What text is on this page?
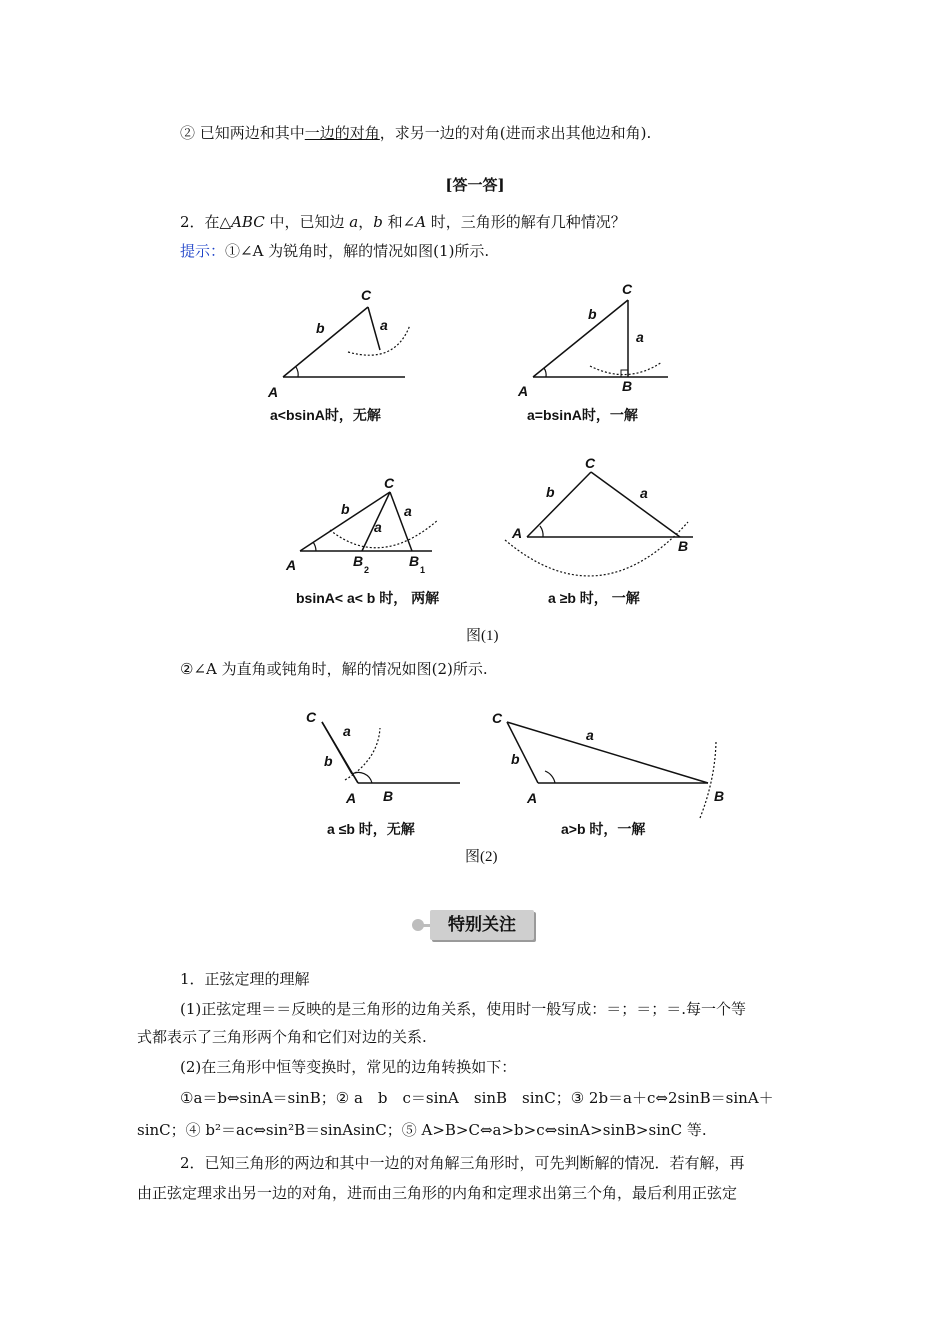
② 已知两边和其中一边的对角，求另一边的对角(进而求出其他边和角).
[答一答]
2．在△ABC 中，已知边 a，b 和∠A 时，三角形的解有几种情况？
提示：①∠A 为锐角时，解的情况如图(1)所示.
A
C
b	a
a<bsinA时，无解
A
C
B
b
a
a=bsinA时，一解
A
C
b
a
a
B
2
B
1
bsinA< a< b 时， 两解
A
C
B
b	a
a ≥b 时， 一解
图(1)
②∠A 为直角或钝角时，解的情况如图(2)所示.
C
a
b
A B
a ≤b 时，无解
C
a
b
A	B
a>b 时，一解
图(2)
特别关注
1．正弦定理的理解
(1)正弦定理＝＝反映的是三角形的边角关系，使用时一般写成：＝；＝；＝.每一个等
式都表示了三角形两个角和它们对边的关系.
(2)在三角形中恒等变换时，常见的边角转换如下：
①a＝b⇔sinA＝sinB；② a　b　c＝sinA　sinB　sinC；③ 2b＝a＋c⇔2sinB＝sinA＋
sinC；④ b²＝ac⇔sin²B＝sinAsinC；⑤ A>B>C⇔a>b>c⇔sinA>sinB>sinC 等.
2．已知三角形的两边和其中一边的对角解三角形时，可先判断解的情况．若有解，再
由正弦定理求出另一边的对角，进而由三角形的内角和定理求出第三个角，最后利用正弦定
